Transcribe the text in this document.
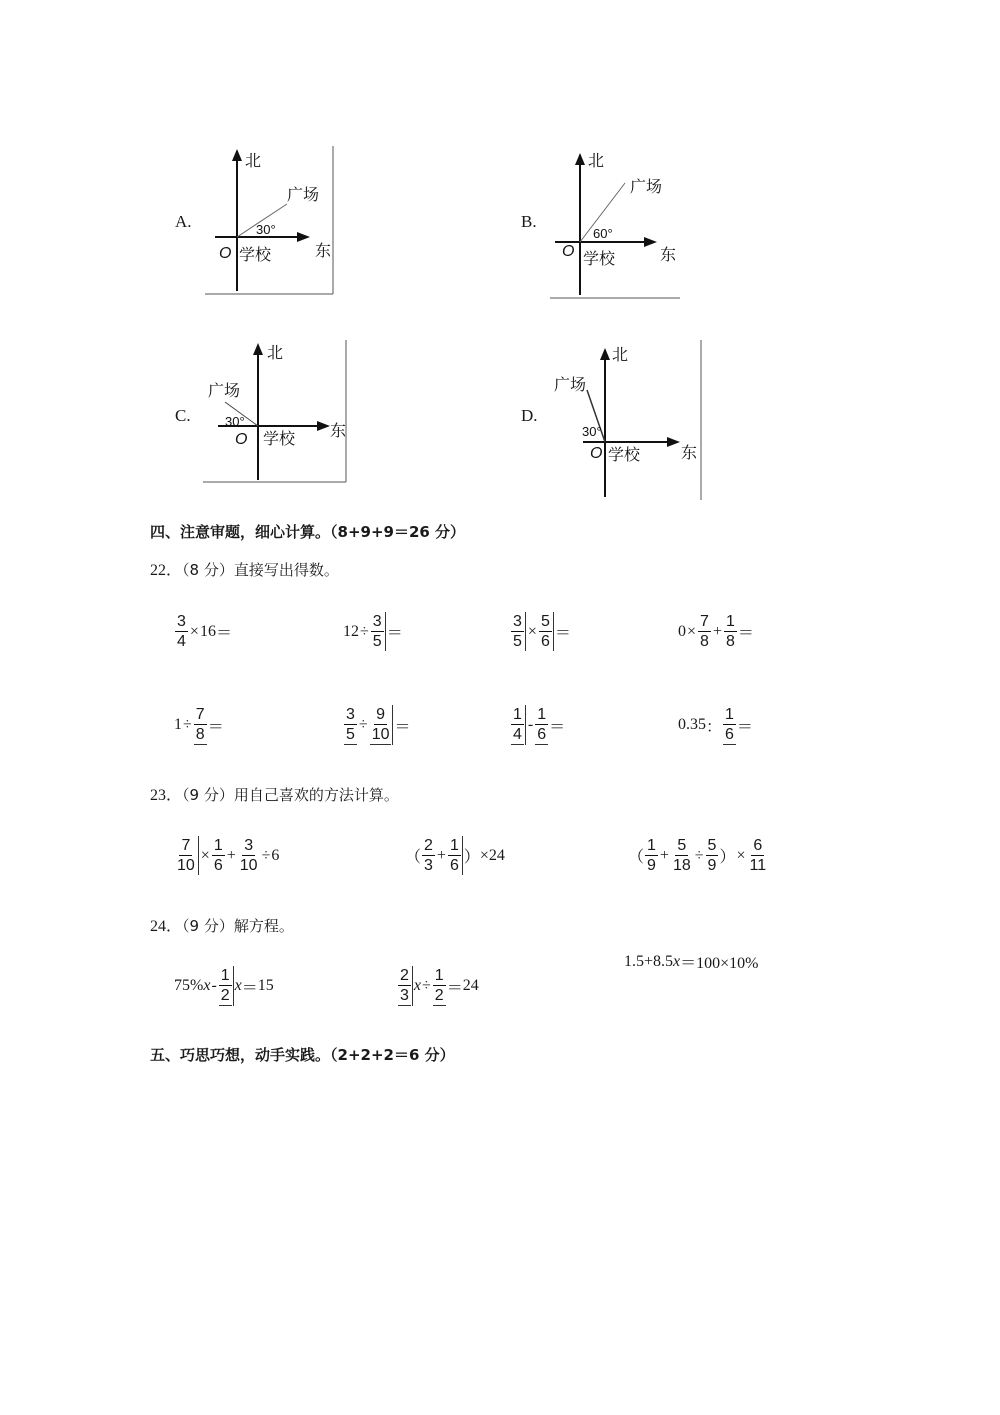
A.
北
广场
30°
O 学校	东
B.
北
广场
60°
O 学校	东
C.
北
广场
30°
O 学校 东
D.
北
广场
30°
O 学校	东
四、注意审题，细心计算。（8+9+9＝26 分）
22．（8 分）直接写出得数。
$\frac{3}{4} \times 16$ ＝	$12 \div \frac{3}{5}$ ＝	$\frac{3}{5} \times \frac{5}{6}$ ＝	$0 \times \frac{7}{8} + \frac{1}{8}$ ＝
$1 \div \frac{7}{8}$ ＝	$\frac{3}{5} \div \frac{9}{10}$ ＝	$\frac{1}{4} - \frac{1}{6}$ ＝	0.35 ： $\frac{1}{6}$ ＝
23．（9 分）用自己喜欢的方法计算。
$\frac{7}{10} \times \frac{1}{6} + \frac{3}{10} \div 6$	（ $\frac{2}{3} + \frac{1}{6}$ ） × 24	（ $\frac{1}{9} + \frac{5}{18} \div \frac{5}{9}$ ） × $\frac{6}{11}$
24．（9 分）解方程。
75% x - $\frac{1}{2}$ x ＝ 15	$\frac{2}{3}$ $x \div \frac{1}{2} = 24$
1.5+8.5 x ＝100×10%
五、巧思巧想，动手实践。（2+2+2＝6 分）
